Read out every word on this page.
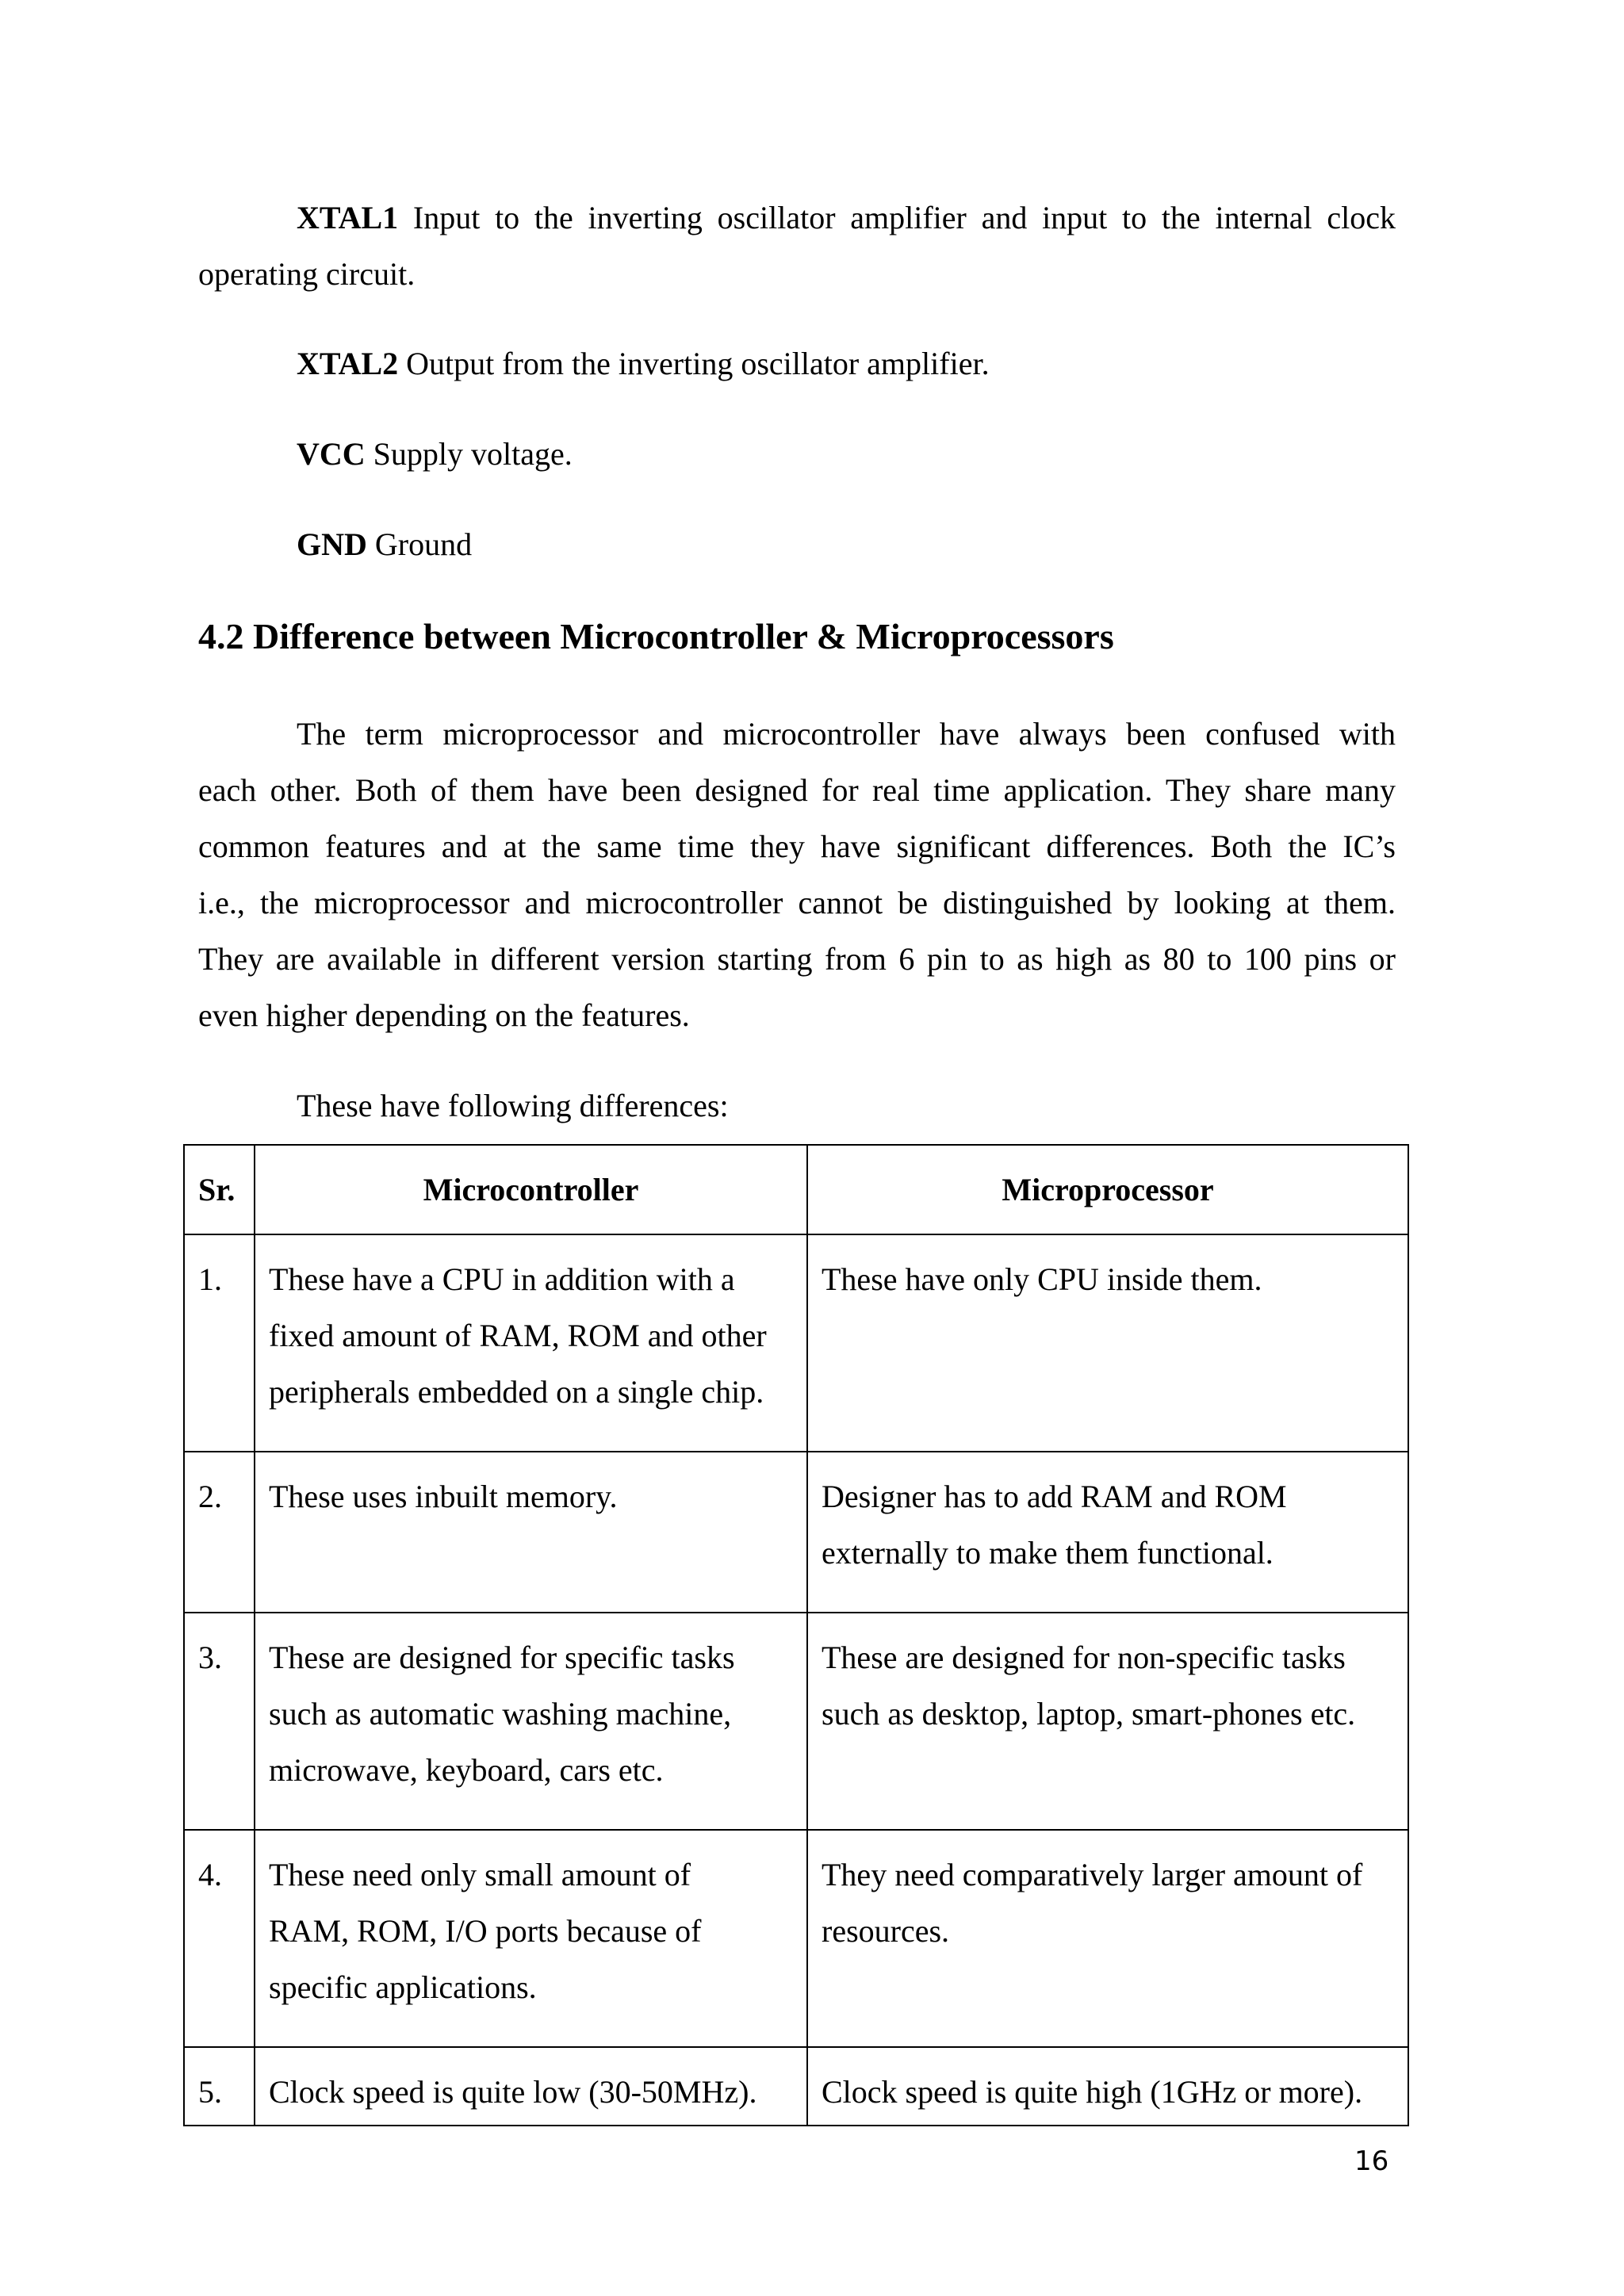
XTAL1 Input to the inverting oscillator amplifier and input to the internal clock

operating circuit.

XTAL2 Output from the inverting oscillator amplifier.

VCC Supply voltage.

GND Ground

4.2 Difference between Microcontroller & Microprocessors

The term microprocessor and microcontroller have always been confused with

each other. Both of them have been designed for real time application. They share many

common features and at the same time they have significant differences. Both the IC’s

i.e., the microprocessor and microcontroller cannot be distinguished by looking at them.

They are available in different version starting from 6 pin to as high as 80 to 100 pins or

even higher depending on the features.

These have following differences:

Sr.	Microcontroller	Microprocessor
1.	These have a CPU in addition with a
fixed amount of RAM, ROM and other
peripherals embedded on a single chip.	These have only CPU inside them.

2.	These uses inbuilt memory.	Designer has to add RAM and ROM
externally to make them functional.

3.	These are designed for specific tasks
such as automatic washing machine,
microwave, keyboard, cars etc.	These are designed for non-specific tasks
such as desktop, laptop, smart-phones etc.

4.	These need only small amount of
RAM, ROM, I/O ports because of
specific applications.	They need comparatively larger amount of
resources.

5.	Clock speed is quite low (30-50MHz).	Clock speed is quite high (1GHz or more).
16
